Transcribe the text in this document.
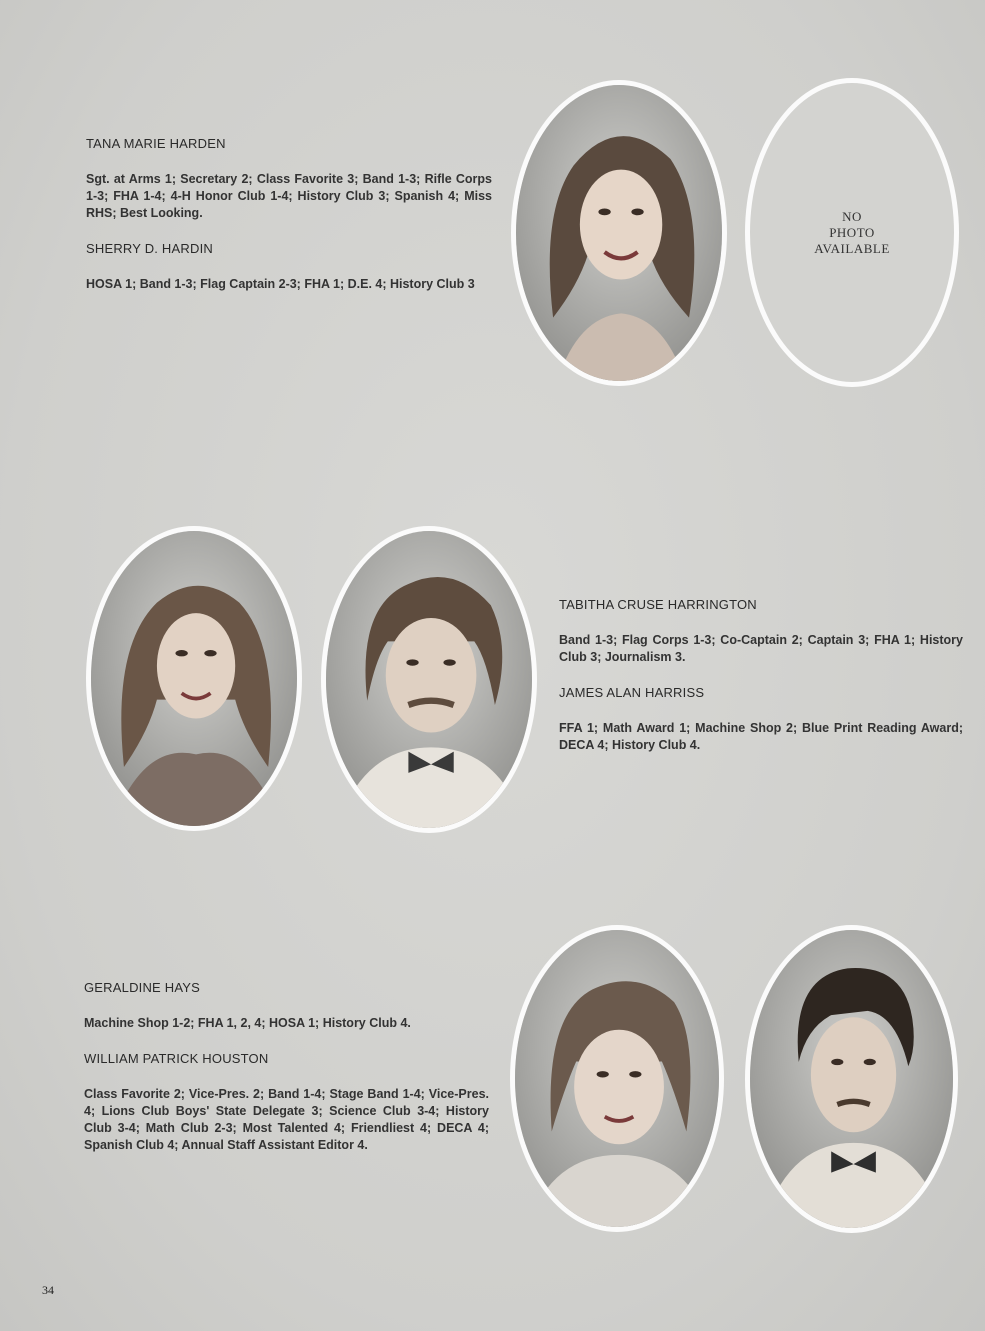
TANA MARIE HARDEN
Sgt. at Arms 1; Secretary 2; Class Favorite 3; Band 1-3; Rifle Corps 1-3; FHA 1-4; 4-H Honor Club 1-4; History Club 3; Spanish 4; Miss RHS; Best Looking.
SHERRY D. HARDIN
HOSA 1; Band 1-3; Flag Captain 2-3; FHA 1; D.E. 4; History Club 3
NO
PHOTO
AVAILABLE
TABITHA CRUSE HARRINGTON
Band 1-3; Flag Corps 1-3; Co-Captain 2; Captain 3; FHA 1; History Club 3; Journalism 3.
JAMES ALAN HARRISS
FFA 1; Math Award 1; Machine Shop 2; Blue Print Reading Award; DECA 4; History Club 4.
GERALDINE HAYS
Machine Shop 1-2; FHA 1, 2, 4; HOSA 1; History Club 4.
WILLIAM PATRICK HOUSTON
Class Favorite 2; Vice-Pres. 2; Band 1-4; Stage Band 1-4; Vice-Pres. 4; Lions Club Boys' State Delegate 3; Science Club 3-4; History Club 3-4; Math Club 2-3; Most Talented 4; Friendliest 4; DECA 4; Spanish Club 4; Annual Staff Assistant Editor 4.
34
